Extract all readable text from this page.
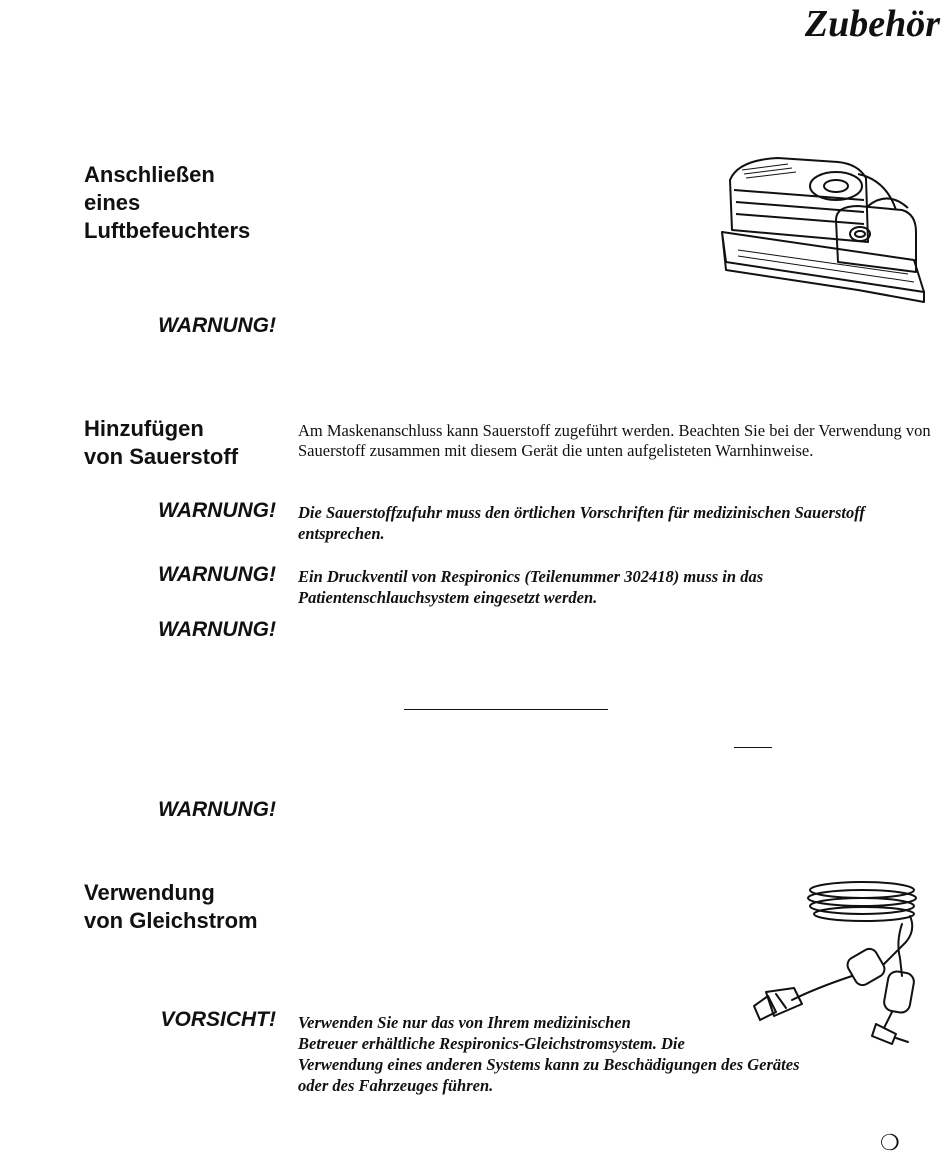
Zubehör
Anschließen
eines
Luftbefeuchters
WARNUNG!
Hinzufügen
von Sauerstoff

Am Maskenanschluss kann Sauerstoff zugeführt werden. Beachten Sie bei der Verwendung von Sauerstoff zusammen mit diesem Gerät die unten aufgelisteten Warnhinweise.

WARNUNG! Die Sauerstoffzufuhr muss den örtlichen Vorschriften für medizinischen Sauerstoff entsprechen.

WARNUNG! Ein Druckventil von Respironics (Teilenummer 302418) muss in das Patientenschlauchsystem eingesetzt werden.

WARNUNG!
WARNUNG!
Verwendung
von Gleichstrom
VORSICHT! Verwenden Sie nur das von Ihrem medizinischen
Betreuer erhältliche Respironics-Gleichstromsystem. Die
Verwendung eines anderen Systems kann zu Beschädigungen des Gerätes
oder des Fahrzeuges führen.
❍
